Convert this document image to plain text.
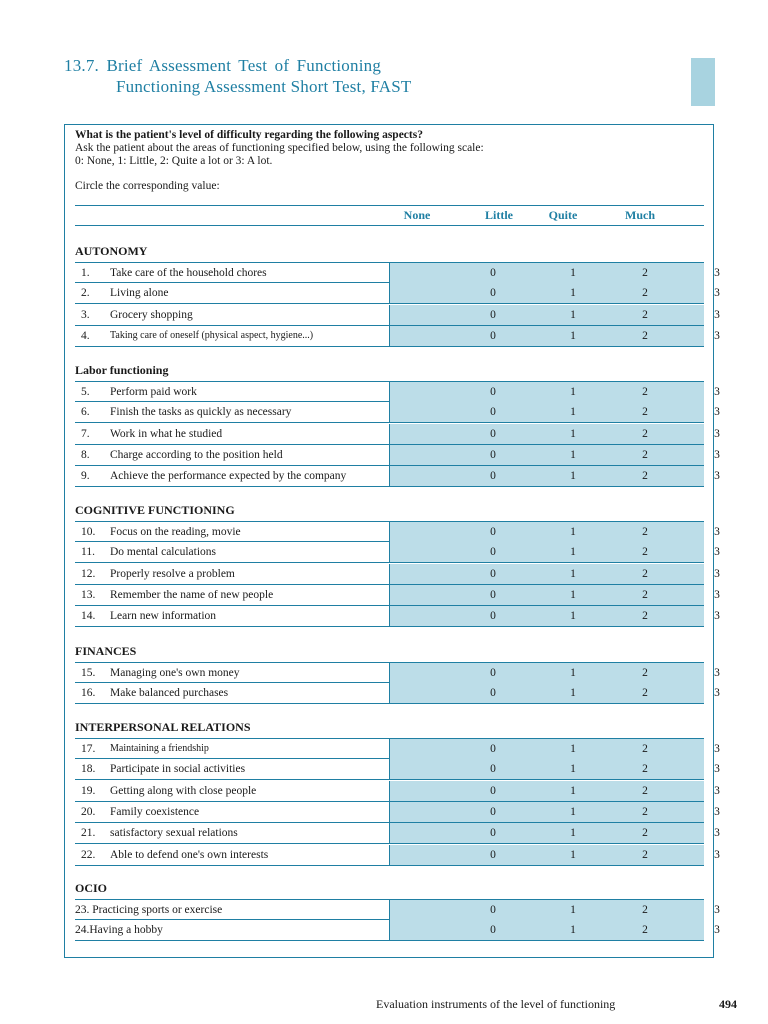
13.7. Brief Assessment Test of Functioning
Functioning Assessment Short Test, FAST
What is the patient's level of difficulty regarding the following aspects?
Ask the patient about the areas of functioning specified below, using the following scale:
0: None, 1: Little, 2: Quite a lot or 3: A lot.
Circle the corresponding value:
None	Little	Quite	Much
AUTONOMY
1. Take care of the household chores	0	1	2	3
2. Living alone	0	1	2	3
3. Grocery shopping	0	1	2	3
4. Taking care of oneself (physical aspect, hygiene...)	0	1	2	3
Labor functioning
5. Perform paid work	0	1	2	3
6. Finish the tasks as quickly as necessary	0	1	2	3
7. Work in what he studied	0	1	2	3
8. Charge according to the position held	0	1	2	3
9. Achieve the performance expected by the company	0	1	2	3
COGNITIVE FUNCTIONING
10. Focus on the reading, movie	0	1	2	3
11. Do mental calculations	0	1	2	3
12. Properly resolve a problem	0	1	2	3
13. Remember the name of new people	0	1	2	3
14. Learn new information	0	1	2	3
FINANCES
15. Managing one's own money	0	1	2	3
16. Make balanced purchases	0	1	2	3
INTERPERSONAL RELATIONS
17. Maintaining a friendship	0	1	2	3
18. Participate in social activities	0	1	2	3
19. Getting along with close people	0	1	2	3
20. Family coexistence	0	1	2	3
21. satisfactory sexual relations	0	1	2	3
22. Able to defend one's own interests	0	1	2	3
OCIO
23. Practicing sports or exercise	0	1	2	3
24.Having a hobby	0	1	2	3
Evaluation instruments of the level of functioning	494
